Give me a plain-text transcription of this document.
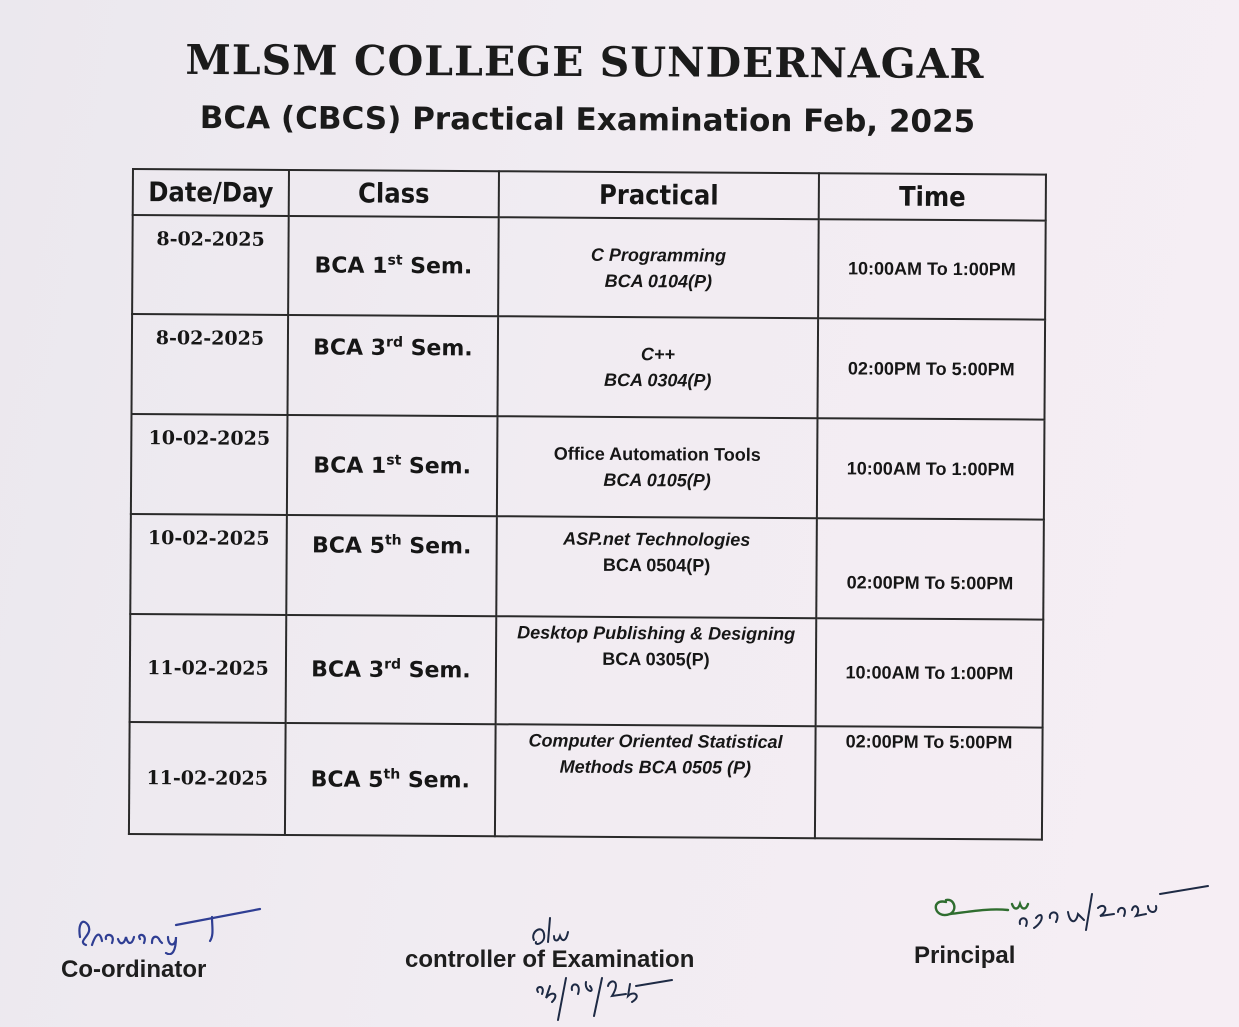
MLSM COLLEGE SUNDERNAGAR
BCA (CBCS) Practical Examination Feb, 2025
Date/Day	Class	Practical	Time

8-02-2025	BCA 1st Sem.	C Programming
BCA 0104(P)	10:00AM To 1:00PM

8-02-2025	BCA 3rd Sem.	C++
BCA 0304(P)	02:00PM To 5:00PM

10-02-2025	BCA 1st Sem.	Office Automation Tools
BCA 0105(P)	10:00AM To 1:00PM

10-02-2025	BCA 5th Sem.	ASP.net Technologies
BCA 0504(P)	02:00PM To 5:00PM

11-02-2025	BCA 3rd Sem.	Desktop Publishing & Designing
BCA 0305(P)	10:00AM To 1:00PM

11-02-2025	BCA 5th Sem.	Computer Oriented Statistical
Methods BCA 0505 (P)	02:00PM To 5:00PM
Co-ordinator	controller of Examination	Principal
